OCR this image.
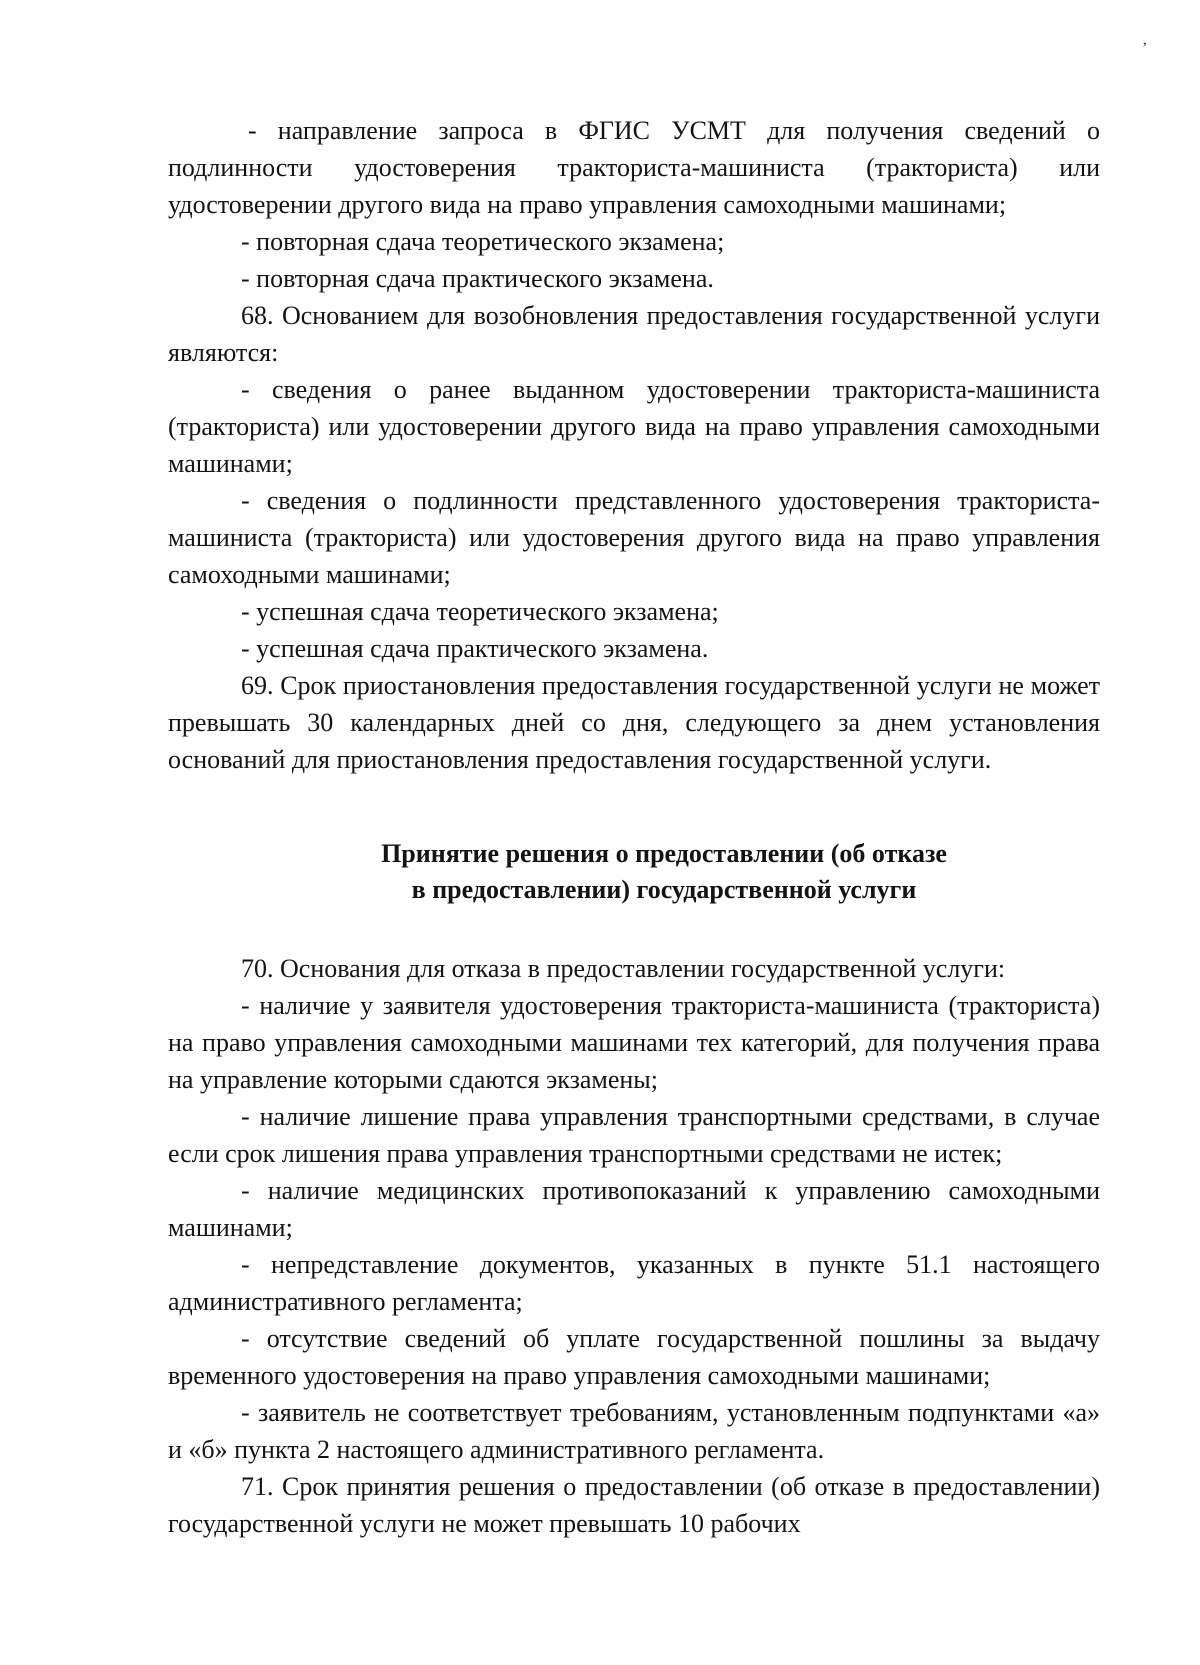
- направление запроса в ФГИС УСМТ для получения сведений о подлинности удостоверения тракториста-машиниста (тракториста) или удостоверении другого вида на право управления самоходными машинами;

- повторная сдача теоретического экзамена;

- повторная сдача практического экзамена.

68. Основанием для возобновления предоставления государственной услуги являются:

- сведения о ранее выданном удостоверении тракториста-машиниста (тракториста) или удостоверении другого вида на право управления самоходными машинами;

- сведения о подлинности представленного удостоверения тракториста-машиниста (тракториста) или удостоверения другого вида на право управления самоходными машинами;

- успешная сдача теоретического экзамена;

- успешная сдача практического экзамена.

69. Срок приостановления предоставления государственной услуги не может превышать 30 календарных дней со дня, следующего за днем установления оснований для приостановления предоставления государственной услуги.

Принятие решения о предоставлении (об отказе
в предоставлении) государственной услуги

70. Основания для отказа в предоставлении государственной услуги:

- наличие у заявителя удостоверения тракториста-машиниста (тракториста) на право управления самоходными машинами тех категорий, для получения права на управление которыми сдаются экзамены;

- наличие лишение права управления транспортными средствами, в случае если срок лишения права управления транспортными средствами не истек;

- наличие медицинских противопоказаний к управлению самоходными машинами;

- непредставление документов, указанных в пункте 51.1 настоящего административного регламента;

- отсутствие сведений об уплате государственной пошлины за выдачу временного удостоверения на право управления самоходными машинами;

- заявитель не соответствует требованиям, установленным подпунктами «а» и «б» пункта 2 настоящего административного регламента.

71. Срок принятия решения о предоставлении (об отказе в предоставлении) государственной услуги не может превышать 10 рабочих

ʼ
